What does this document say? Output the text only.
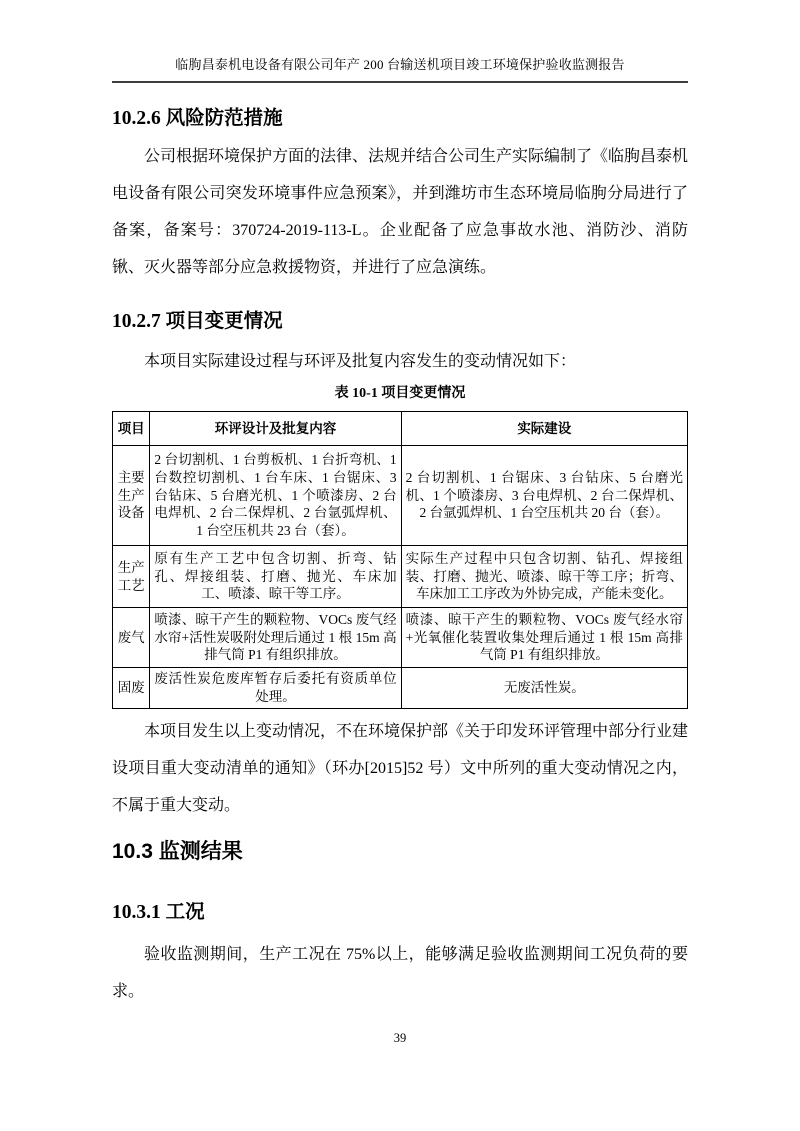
临朐昌泰机电设备有限公司年产 200 台输送机项目竣工环境保护验收监测报告
10.2.6 风险防范措施
公司根据环境保护方面的法律、法规并结合公司生产实际编制了《临朐昌泰机电设备有限公司突发环境事件应急预案》，并到潍坊市生态环境局临朐分局进行了备案，备案号：370724-2019-113-L。企业配备了应急事故水池、消防沙、消防锹、灭火器等部分应急救援物资，并进行了应急演练。
10.2.7 项目变更情况
本项目实际建设过程与环评及批复内容发生的变动情况如下：
表 10-1 项目变更情况
项目	环评设计及批复内容	实际建设
主要生产设备	2 台切割机、1 台剪板机、1 台折弯机、1 台数控切割机、1 台车床、1 台锯床、3 台钻床、5 台磨光机、1 个喷漆房、2 台电焊机、2 台二保焊机、2 台氩弧焊机、1 台空压机共 23 台（套）。	2 台切割机、1 台锯床、3 台钻床、5 台磨光机、1 个喷漆房、3 台电焊机、2 台二保焊机、2 台氩弧焊机、1 台空压机共 20 台（套）。
生产工艺	原有生产工艺中包含切割、折弯、钻孔、焊接组装、打磨、抛光、车床加工、喷漆、晾干等工序。	实际生产过程中只包含切割、钻孔、焊接组装、打磨、抛光、喷漆、晾干等工序；折弯、车床加工工序改为外协完成，产能未变化。
废气	喷漆、晾干产生的颗粒物、VOCs 废气经水帘+活性炭吸附处理后通过 1 根 15m 高排气筒 P1 有组织排放。	喷漆、晾干产生的颗粒物、VOCs 废气经水帘+光氧催化装置收集处理后通过 1 根 15m 高排气筒 P1 有组织排放。
固废	废活性炭危废库暂存后委托有资质单位处理。	无废活性炭。
本项目发生以上变动情况，不在环境保护部《关于印发环评管理中部分行业建设项目重大变动清单的通知》（环办[2015]52 号）文中所列的重大变动情况之内，不属于重大变动。
10.3 监测结果
10.3.1 工况
验收监测期间，生产工况在 75%以上，能够满足验收监测期间工况负荷的要求。
39
